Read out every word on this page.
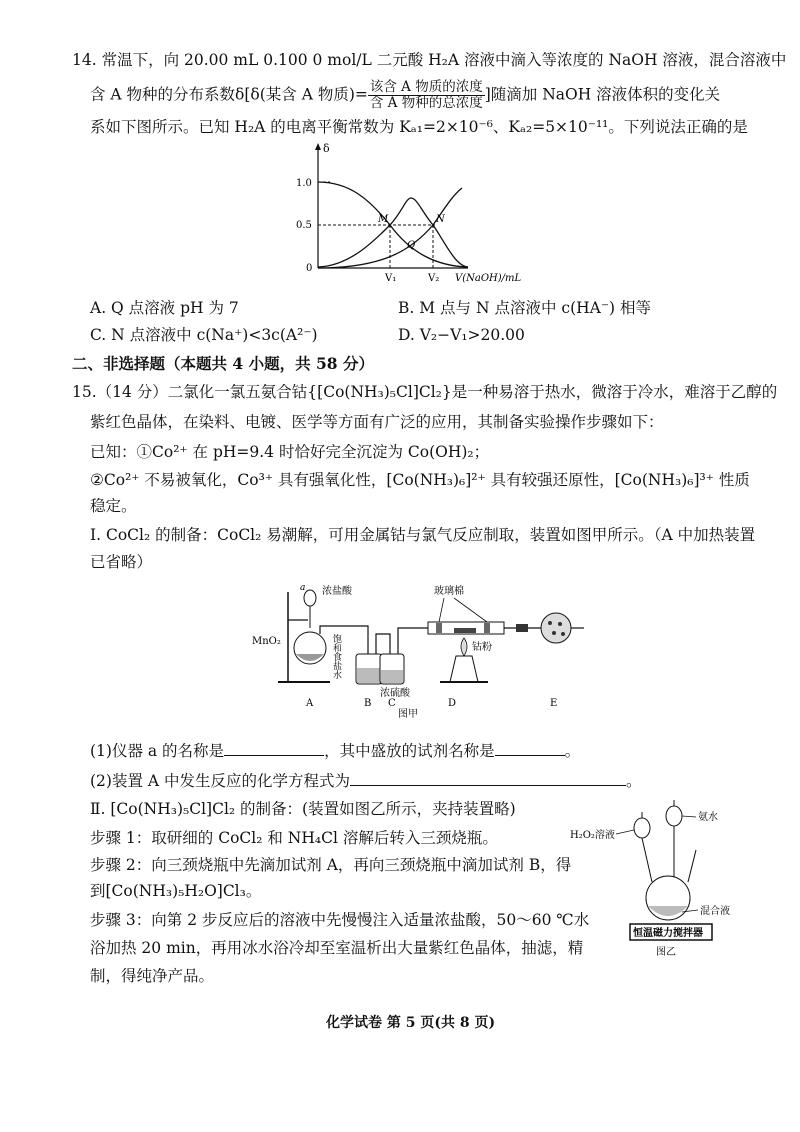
14. 常温下，向 20.00 mL 0.100 0 mol/L 二元酸 H₂A 溶液中滴入等浓度的 NaOH 溶液，混合溶液中
含 A 物种的分布系数δ[δ(某含 A 物质)= $\frac{\text{该含 A 物质的浓度}}{\text{含 A 物种的总浓度}}$ ]随滴加 NaOH 溶液体积的变化关
系如下图所示。已知 H₂A 的电离平衡常数为 Kₐ₁=2×10⁻⁶、Kₐ₂=5×10⁻¹¹。下列说法正确的是
δ
1.0
0.5
0
M	N
Q
V₁	V₂ V(NaOH)/mL
A. Q 点溶液 pH 为 7	B. M 点与 N 点溶液中 c(HA⁻) 相等
C. N 点溶液中 c(Na⁺)<3c(A²⁻)	D. V₂−V₁>20.00
二、非选择题（本题共 4 小题，共 58 分）
15.（14 分）二氯化一氯五氨合钴{[Co(NH₃)₅Cl]Cl₂}是一种易溶于热水，微溶于冷水，难溶于乙醇的
紫红色晶体，在染料、电镀、医学等方面有广泛的应用，其制备实验操作步骤如下：
已知：①Co²⁺ 在 pH=9.4 时恰好完全沉淀为 Co(OH)₂；
②Co²⁺ 不易被氧化，Co³⁺ 具有强氧化性，[Co(NH₃)₆]²⁺ 具有较强还原性，[Co(NH₃)₆]³⁺ 性质
稳定。
Ⅰ. CoCl₂ 的制备：CoCl₂ 易潮解，可用金属钴与氯气反应制取，装置如图甲所示。（A 中加热装置
已省略）
浓盐酸
a
MnO₂	饱和食盐水
浓硫酸
玻璃棉
钴粉
A	B C	D	E
图甲
(1)仪器 a 的名称是	，其中盛放的试剂名称是	。
(2)装置 A 中发生反应的化学方程式为	。
Ⅱ. [Co(NH₃)₅Cl]Cl₂ 的制备：(装置如图乙所示，夹持装置略)
步骤 1：取研细的 CoCl₂ 和 NH₄Cl 溶解后转入三颈烧瓶。
步骤 2：向三颈烧瓶中先滴加试剂 A，再向三颈烧瓶中滴加试剂 B，得
到[Co(NH₃)₅H₂O]Cl₃。
步骤 3：向第 2 步反应后的溶液中先慢慢注入适量浓盐酸，50～60 ℃水
浴加热 20 min，再用冰水浴冷却至室温析出大量紫红色晶体，抽滤，精
制，得纯净产品。
恒温磁力搅拌器
H₂O₂溶液
氨水
混合液
图乙
化学试卷 第 5 页(共 8 页)
